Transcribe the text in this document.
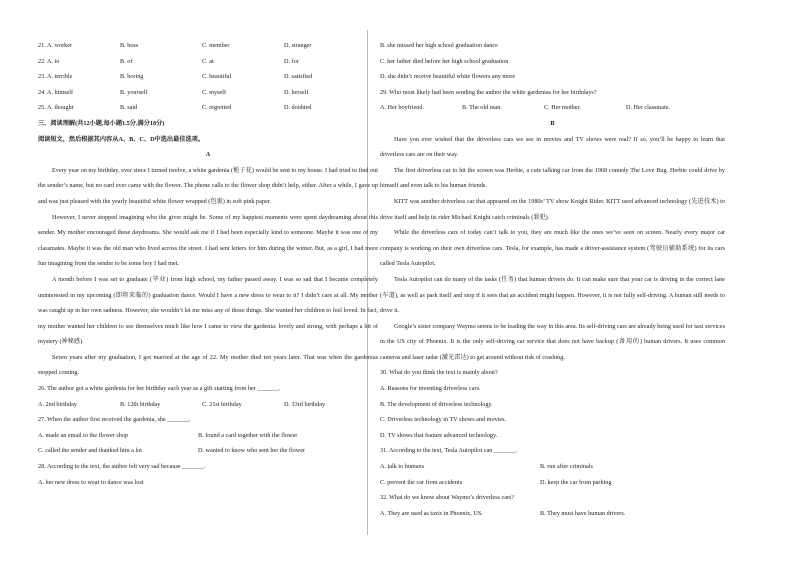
21. A. worker	B. boss	C. member	D. stranger
22. A. to	B. of	C. at	D. for
23. A. terrible	B. boring	C. beautiful	D. satisfied
24. A. himself	B. yourself	C. myself	D. herself
25. A. thought	B. said	C. regretted	D. doubted
三、阅读理解(共12小题,每小题1.5分,满分18分)
阅读短文，然后根据其内容从A、B、C、D中选出最佳选项。
A
Every year on my birthday, ever since I turned twelve, a white gardenia (栀子花) would be sent to my house. I had tried to find out the sender’s name, but no card ever came with the flower. The phone calls to the flower shop didn’t help, either. After a while, I gave up and was just pleased with the yearly beautiful white flower wrapped (包裹) in soft pink paper.
However, I never stopped imagining who the giver might be. Some of my happiest moments were spent daydreaming about this sender. My mother encouraged these daydreams. She would ask me if I had been especially kind to someone. Maybe it was one of my classmates. Maybe it was the old man who lived across the street. I had sent letters for him during the winter. But, as a girl, I had more fun imagining from the sender to be some boy I had met.
A month before I was set to graduate (毕业) from high school, my father passed away. I was so sad that I became completely uninterested in my upcoming (即将来临的) graduation dance. Would I have a new dress to wear to it? I didn’t care at all. My mother was caught up in her own sadness. However, she wouldn’t let me miss any of those things. She wanted her children to feel loved. In fact, my mother wanted her children to see themselves much like how I came to view the gardenia: lovely and strong, with perhaps a bit of mystery (神秘感).
Seven years after my graduation, I got married at the age of 22. My mother died ten years later. That was when the gardenias stopped coming.
26. The author got a white gardenia for her birthday each year as a gift starting from her _______.
A. 2nd birthday	B. 12th birthday	C. 21st birthday	D. 33rd birthday
27. When the author first received the gardenia, she _______.
A. made an email to the flower shop	B. found a card together with the flower
C. called the sender and thanked him a lot	D. wanted to know who sent her the flower
28. According to the text, the author felt very sad because _______.
A. her new dress to wear to dance was lost
B. she missed her high school graduation dance
C. her father died before her high school graduation
D. she didn’t receive beautiful white flowers any more
29. Who most likely had been sending the author the white gardenias for her birthdays?
A. Her boyfriend.	B. The old man.	C. Her mother.	D. Her classmate.
B
Have you ever wished that the driverless cars we see in movies and TV shows were real? If so, you’ll be happy to learn that driverless cars are on their way.
The first driverless car to hit the screen was Herbie, a cute talking car from the 1968 comedy The Love Bug. Herbie could drive by himself and even talk to his human friends.
KITT was another driverless car that appeared on the 1980s’ TV show Knight Rider. KITT used advanced technology (先进技术) to drive itself and help its rider Michael Knight catch criminals (罪犯).
While the driverless cars of today can’t talk to you, they are much like the ones we’ve seen on screen. Nearly every major car company is working on their own driverless cars. Tesla, for example, has made a driver-assistance system (驾驶员辅助系统) for its cars called Tesla Autopilot.
Tesla Autopilot can do many of the tasks (任务) that human drivers do. It can make sure that your car is driving in the correct lane (车道), as well as park itself and stop if it sees that an accident might happen. However, it is not fully self-driving. A human still needs to drive it.
Google’s sister company Waymo seems to be leading the way in this area. Its self-driving cars are already being used for taxi services in the US city of Phoenix. It is the only self-driving car service that does not have backup (备用的) human drivers. It uses common cameras and laser radar (激光雷达) to get around without risk of crashing.
30. What do you think the text is mainly about?
A. Reasons for inventing driverless cars.
B. The development of driverless technology.
C. Driverless technology in TV shows and movies.
D. TV shows that feature advanced technology.
31. According to the text, Tesla Autopilot can _______.
A. talk to humans	B. run after criminals
C. prevent the car from accidents	D. keep the car from parking
32. What do we know about Waymo’s driverless cars?
A. They are used as taxis in Phoenix, US.	B. They must have human drivers.
